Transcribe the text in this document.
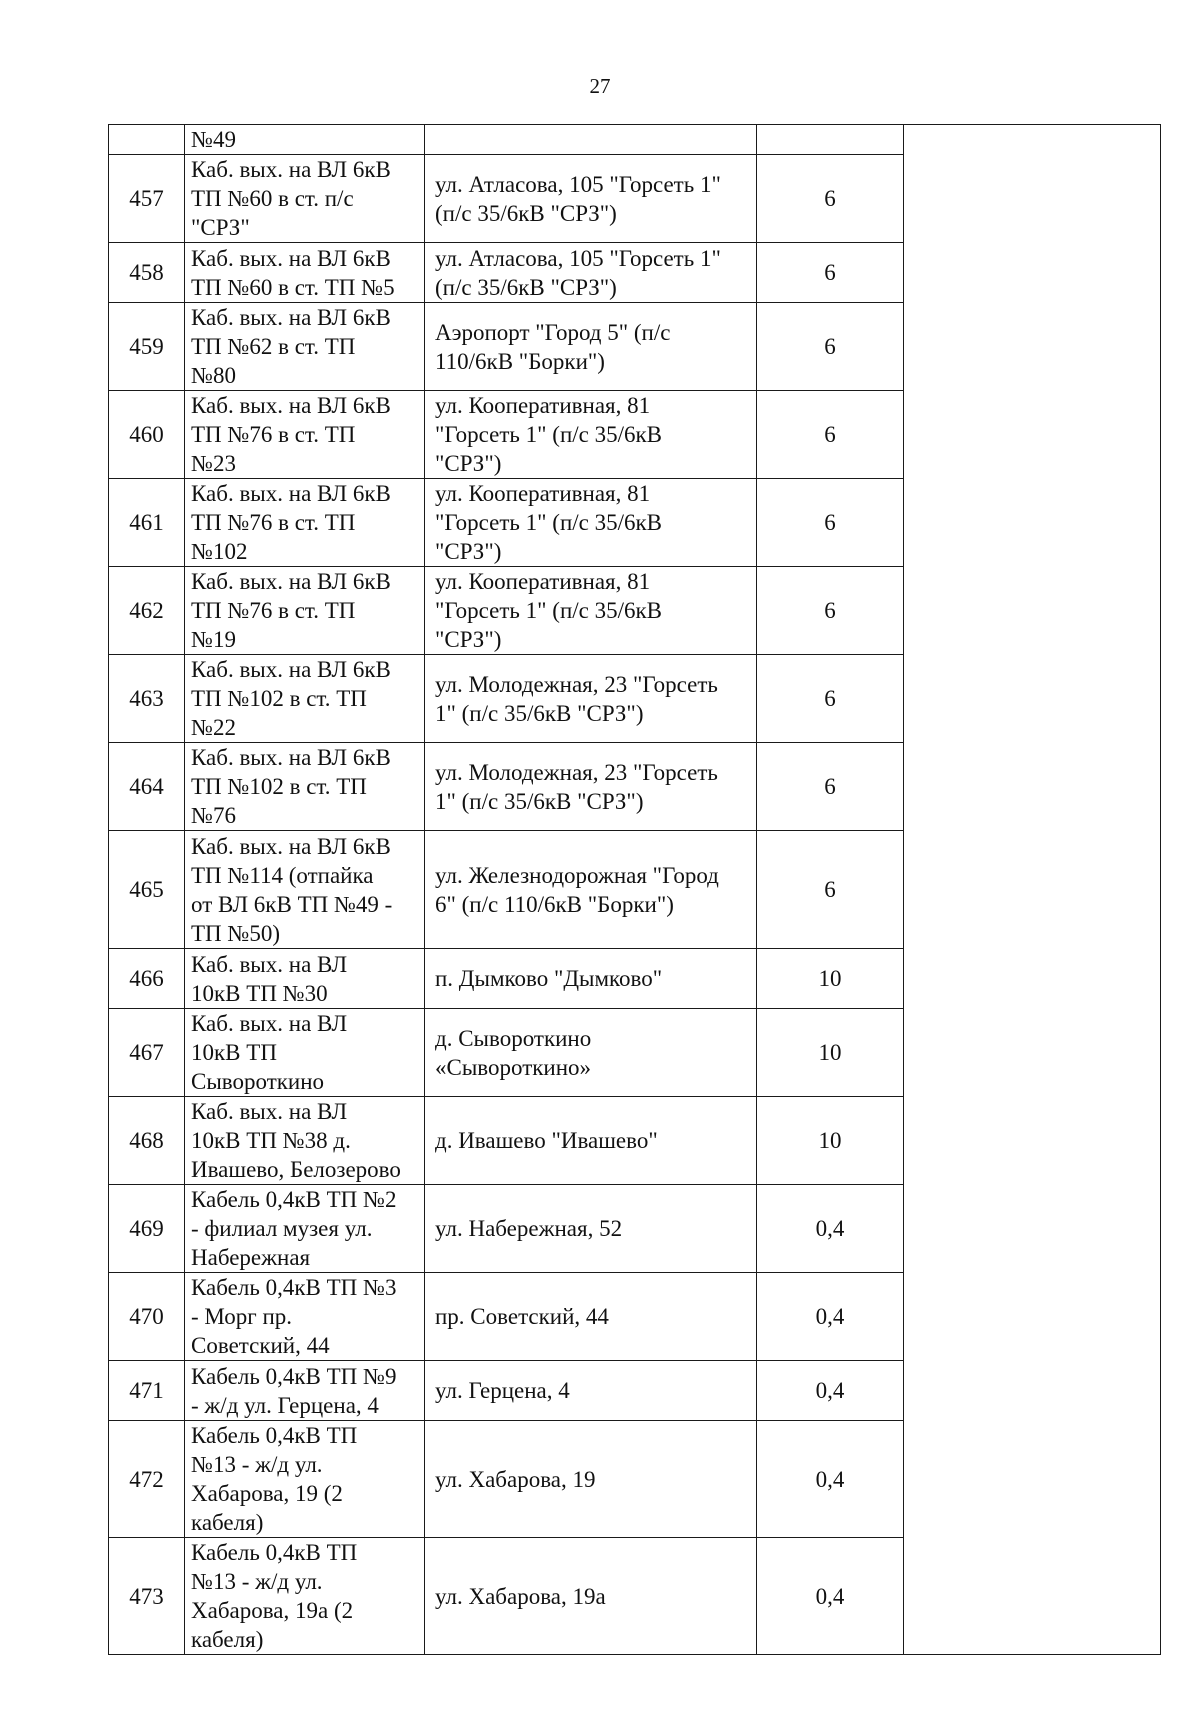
27
	№49			
457	Каб. вых. на ВЛ 6кВ
ТП №60 в ст. п/с
"СРЗ"	ул. Атласова, 105 "Горсеть 1"
(п/с 35/6кВ "СРЗ")	6	
458	Каб. вых. на ВЛ 6кВ
ТП №60 в ст. ТП №5	ул. Атласова, 105 "Горсеть 1"
(п/с 35/6кВ "СРЗ")	6	
459	Каб. вых. на ВЛ 6кВ
ТП №62 в ст. ТП
№80	Аэропорт "Город 5" (п/с
110/6кВ "Борки")	6	
460	Каб. вых. на ВЛ 6кВ
ТП №76 в ст. ТП
№23	ул. Кооперативная, 81
"Горсеть 1" (п/с 35/6кВ
"СРЗ")	6	
461	Каб. вых. на ВЛ 6кВ
ТП №76 в ст. ТП
№102	ул. Кооперативная, 81
"Горсеть 1" (п/с 35/6кВ
"СРЗ")	6	
462	Каб. вых. на ВЛ 6кВ
ТП №76 в ст. ТП
№19	ул. Кооперативная, 81
"Горсеть 1" (п/с 35/6кВ
"СРЗ")	6	
463	Каб. вых. на ВЛ 6кВ
ТП №102 в ст. ТП
№22	ул. Молодежная, 23 "Горсеть
1" (п/с 35/6кВ "СРЗ")	6	
464	Каб. вых. на ВЛ 6кВ
ТП №102 в ст. ТП
№76	ул. Молодежная, 23 "Горсеть
1" (п/с 35/6кВ "СРЗ")	6	
465	Каб. вых. на ВЛ 6кВ
ТП №114 (отпайка
от ВЛ 6кВ ТП №49 -
ТП №50)	ул. Железнодорожная "Город
6" (п/с 110/6кВ "Борки")	6	
466	Каб. вых. на ВЛ
10кВ ТП №30	п. Дымково "Дымково"	10	
467	Каб. вых. на ВЛ
10кВ ТП
Сывороткино	д. Сывороткино
«Сывороткино»	10	
468	Каб. вых. на ВЛ
10кВ ТП №38 д.
Ивашево, Белозерово	д. Ивашево "Ивашево"	10	
469	Кабель 0,4кВ ТП №2
- филиал музея ул.
Набережная	ул. Набережная, 52	0,4	
470	Кабель 0,4кВ ТП №3
- Морг пр.
Советский, 44	пр. Советский, 44	0,4	
471	Кабель 0,4кВ ТП №9
- ж/д ул. Герцена, 4	ул. Герцена, 4	0,4	
472	Кабель 0,4кВ ТП
№13 - ж/д ул.
Хабарова, 19 (2
кабеля)	ул. Хабарова, 19	0,4	
473	Кабель 0,4кВ ТП
№13 - ж/д ул.
Хабарова, 19а (2
кабеля)	ул. Хабарова, 19а	0,4	
